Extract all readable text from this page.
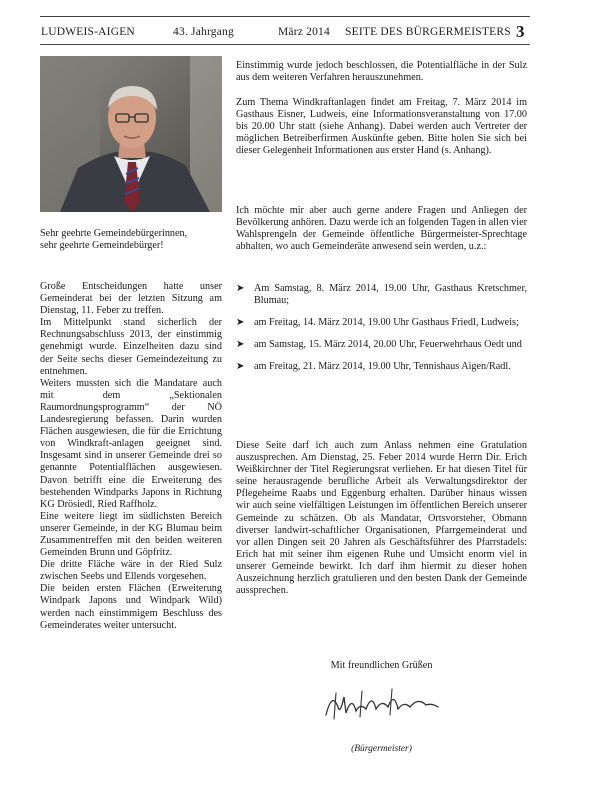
LUDWEIS-AIGEN	43. Jahrgang	März 2014 SEITE DES BÜRGERMEISTERS 3

Sehr geehrte Gemeindebürgerinnen,

sehr geehrte Gemeindebürger!

Große Entscheidungen hatte unser Gemeinderat bei der letzten Sitzung am Dienstag, 11. Feber zu treffen.

Im Mittelpunkt stand sicherlich der Rechnungsabschluss 2013, der einstimmig genehmigt wurde. Einzelheiten dazu sind der Seite sechs dieser Gemeindezeitung zu entnehmen.

Weiters mussten sich die Mandatare auch mit dem „Sektionalen Raumordnungsprogramm“ der NÖ Landesregierung befassen. Darin wurden Flächen ausgewiesen, die für die Errichtung von Windkraft-anlagen geeignet sind. Insgesamt sind in unserer Gemeinde drei so genannte Potentialflächen ausgewiesen. Davon betrifft eine die Erweiterung des bestehenden Windparks Japons in Richtung KG Drösiedl, Ried Raffholz.

Eine weitere liegt im südlichsten Bereich unserer Gemeinde, in der KG Blumau beim Zusammentreffen mit den beiden weiteren Gemeinden Brunn und Göpfritz.

Die dritte Fläche wäre in der Ried Sulz zwischen Seebs und Ellends vorgesehen.

Die beiden ersten Flächen (Erweiterung Windpark Japons und Windpark Wild) werden nach einstimmigem Beschluss des Gemeinderates weiter untersucht.

Einstimmig wurde jedoch beschlossen, die Potentialfläche in der Sulz aus dem weiteren Verfahren herauszunehmen.
Zum Thema Windkraftanlagen findet am Freitag, 7. März 2014 im Gasthaus Eisner, Ludweis, eine Informationsveranstaltung von 17.00 bis 20.00 Uhr statt (siehe Anhang). Dabei werden auch Vertreter der möglichen Betreiberfirmen Auskünfte geben. Bitte holen Sie sich bei dieser Gelegenheit Informationen aus erster Hand (s. Anhang).
Ich möchte mir aber auch gerne andere Fragen und Anliegen der Bevölkerung anhören. Dazu werde ich an folgenden Tagen in allen vier Wahlsprengeln der Gemeinde öffentliche Bürgermeister-Sprechtage abhalten, wo auch Gemeinderäte anwesend sein werden, u.z.:
➤ Am Samstag, 8. März 2014, 19.00 Uhr, Gasthaus Kretschmer, Blumau;
➤ am Freitag, 14. März 2014, 19.00 Uhr Gasthaus Friedl, Ludweis;
➤ am Samstag, 15. März 2014, 20.00 Uhr, Feuerwehrhaus Oedt und
➤ am Freitag, 21. März 2014, 19.00 Uhr, Tennishaus Aigen/Radl.
Diese Seite darf ich auch zum Anlass nehmen eine Gratulation auszusprechen. Am Dienstag, 25. Feber 2014 wurde Herrn Dir. Erich Weißkirchner der Titel Regierungsrat verliehen. Er hat diesen Titel für seine herausragende berufliche Arbeit als Verwaltungsdirektor der Pflegeheime Raabs und Eggenburg erhalten. Darüber hinaus wissen wir auch seine vielfältigen Leistungen im öffentlichen Bereich unserer Gemeinde zu schätzen. Ob als Mandatar, Ortsvorsteher, Obmann diverser landwirt-schaftlicher Organisationen, Pfarrgemeinderat und vor allen Dingen seit 20 Jahren als Geschäftsführer des Pfarrstadels: Erich hat mit seiner ihm eigenen Ruhe und Umsicht enorm viel in unserer Gemeinde bewirkt. Ich darf ihm hiermit zu dieser hohen Auszeichnung herzlich gratulieren und den besten Dank der Gemeinde aussprechen.
Mit freundlichen Grüßen
(Bürgermeister)
